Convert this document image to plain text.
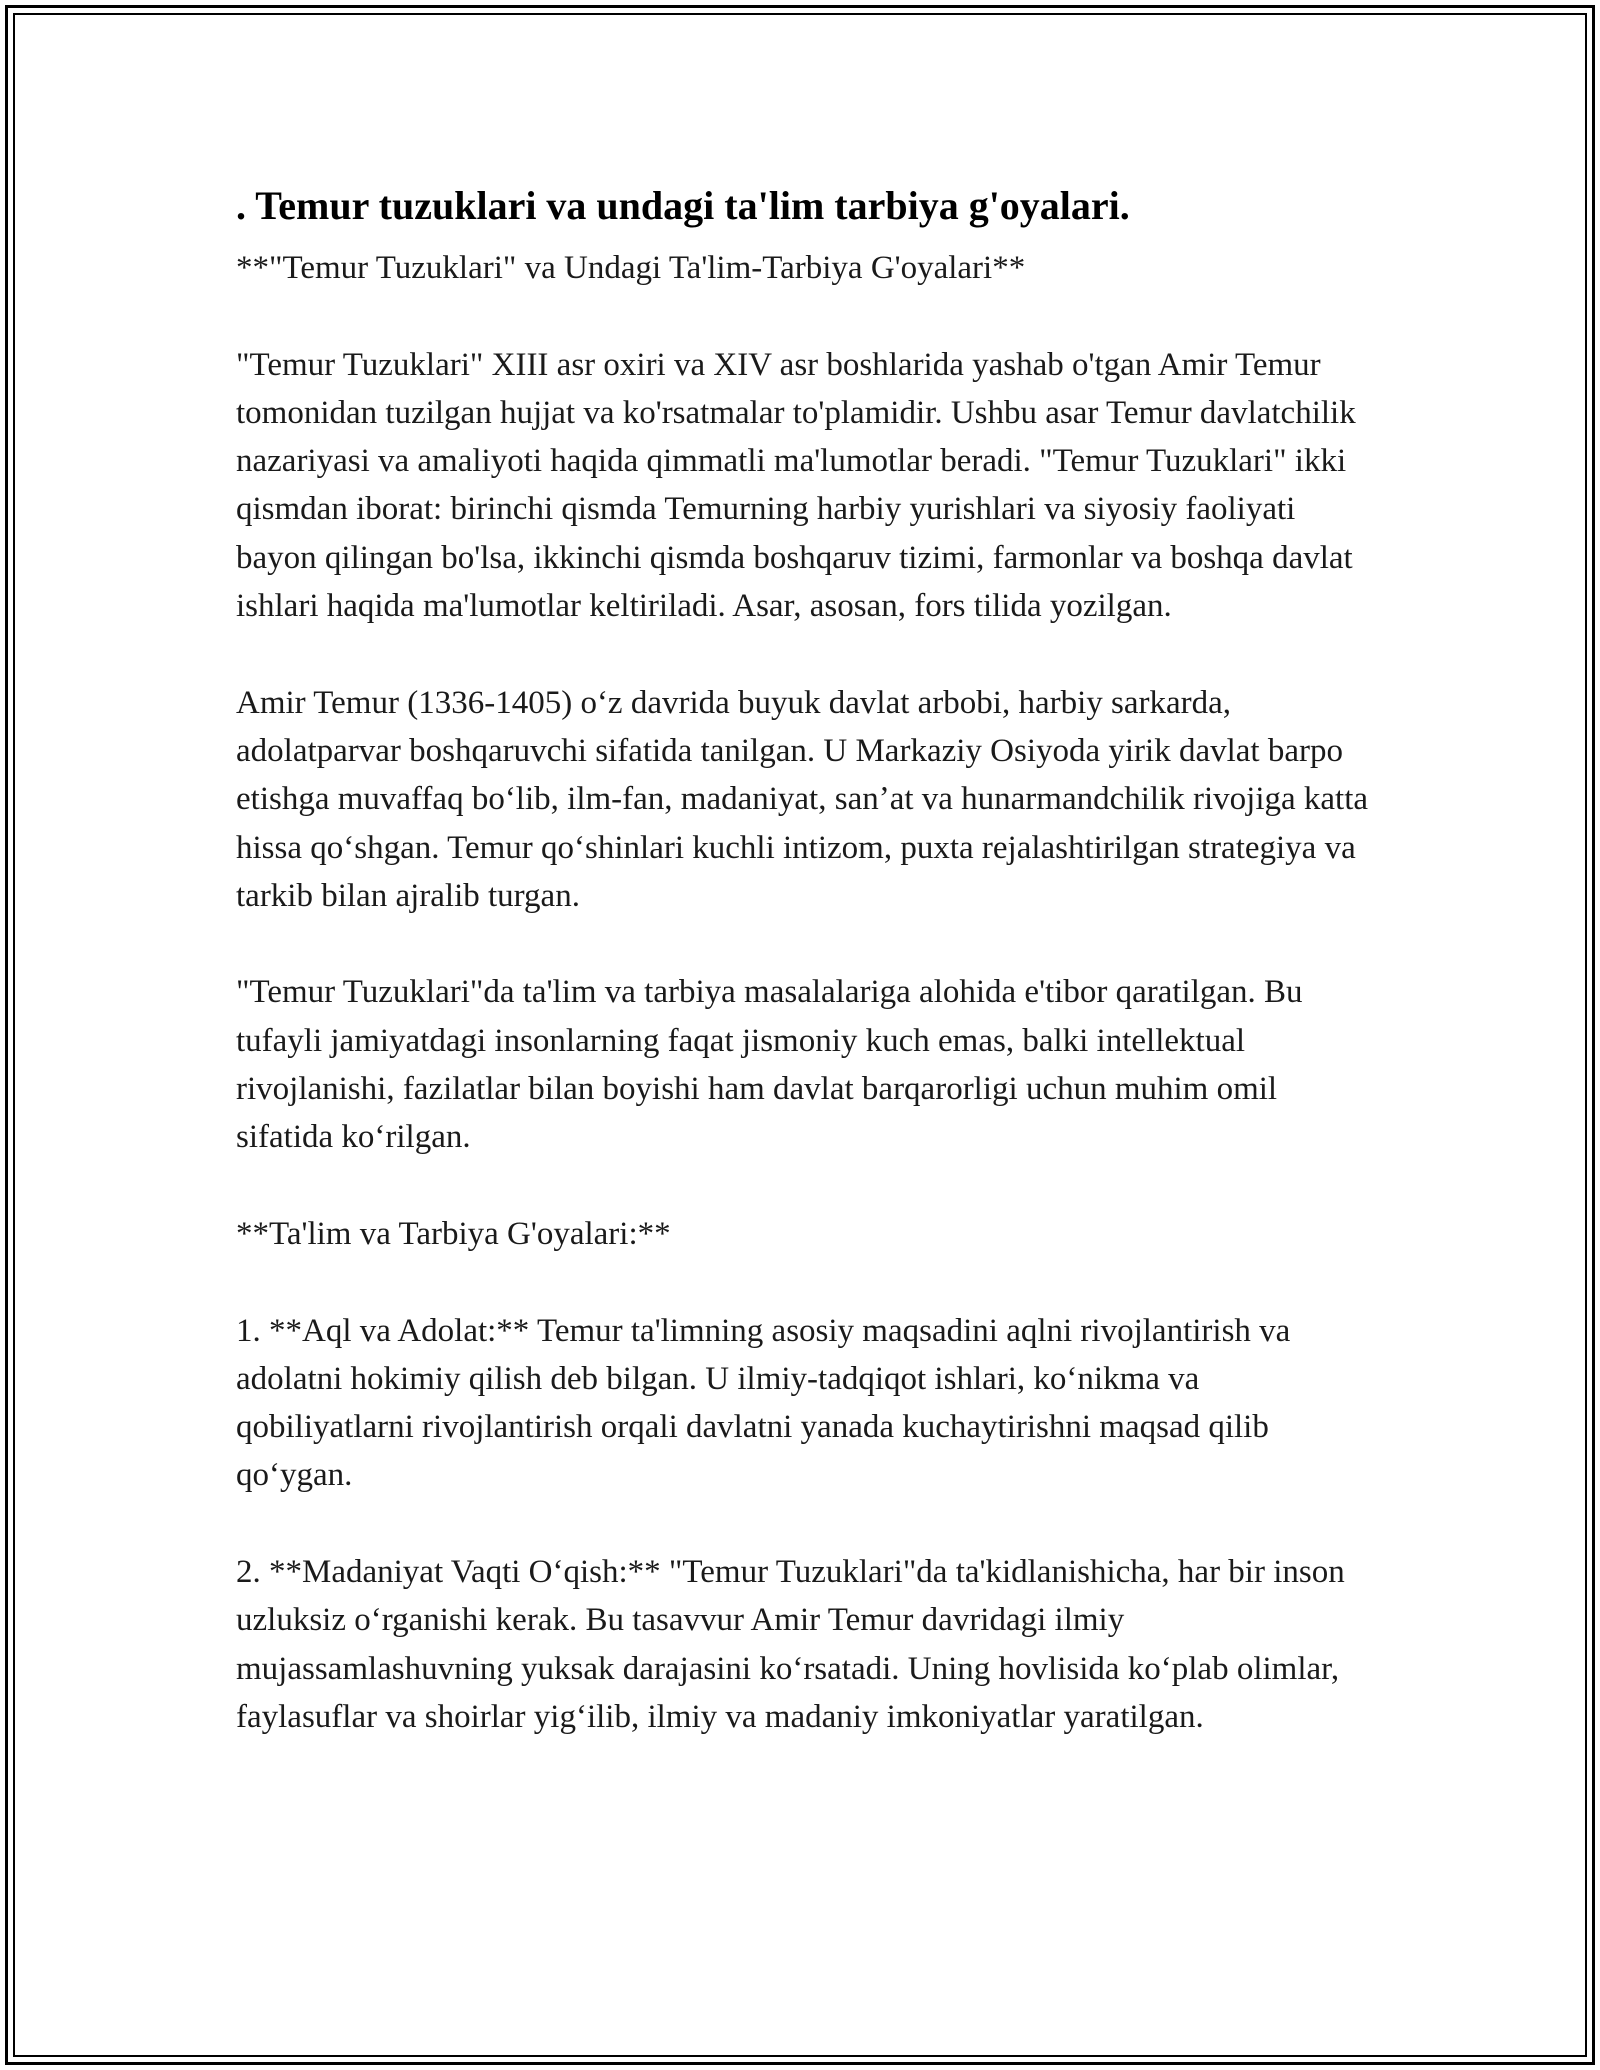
. Temur tuzuklari va undagi ta'lim tarbiya g'oyalari.

**"Temur Tuzuklari" va Undagi Ta'lim-Tarbiya G'oyalari**

"Temur Tuzuklari" XIII asr oxiri va XIV asr boshlarida yashab o'tgan Amir Temur tomonidan tuzilgan hujjat va ko'rsatmalar to'plamidir. Ushbu asar Temur davlatchilik nazariyasi va amaliyoti haqida qimmatli ma'lumotlar beradi. "Temur Tuzuklari" ikki qismdan iborat: birinchi qismda Temurning harbiy yurishlari va siyosiy faoliyati bayon qilingan bo'lsa, ikkinchi qismda boshqaruv tizimi, farmonlar va boshqa davlat ishlari haqida ma'lumotlar keltiriladi. Asar, asosan, fors tilida yozilgan.

Amir Temur (1336-1405) oʻz davrida buyuk davlat arbobi, harbiy sarkarda, adolatparvar boshqaruvchi sifatida tanilgan. U Markaziy Osiyoda yirik davlat barpo etishga muvaffaq boʻlib, ilm-fan, madaniyat, sanʼat va hunarmandchilik rivojiga katta hissa qoʻshgan. Temur qoʻshinlari kuchli intizom, puxta rejalashtirilgan strategiya va tarkib bilan ajralib turgan.

"Temur Tuzuklari"da ta'lim va tarbiya masalalariga alohida e'tibor qaratilgan. Bu tufayli jamiyatdagi insonlarning faqat jismoniy kuch emas, balki intellektual rivojlanishi, fazilatlar bilan boyishi ham davlat barqarorligi uchun muhim omil sifatida koʻrilgan.

**Ta'lim va Tarbiya G'oyalari:**

1. **Aql va Adolat:** Temur ta'limning asosiy maqsadini aqlni rivojlantirish va adolatni hokimiy qilish deb bilgan. U ilmiy-tadqiqot ishlari, koʻnikma va qobiliyatlarni rivojlantirish orqali davlatni yanada kuchaytirishni maqsad qilib qoʻygan.

2. **Madaniyat Vaqti Oʻqish:** "Temur Tuzuklari"da ta'kidlanishicha, har bir inson uzluksiz oʻrganishi kerak. Bu tasavvur Amir Temur davridagi ilmiy mujassamlashuvning yuksak darajasini koʻrsatadi. Uning hovlisida koʻplab olimlar, faylasuflar va shoirlar yigʻilib, ilmiy va madaniy imkoniyatlar yaratilgan.
